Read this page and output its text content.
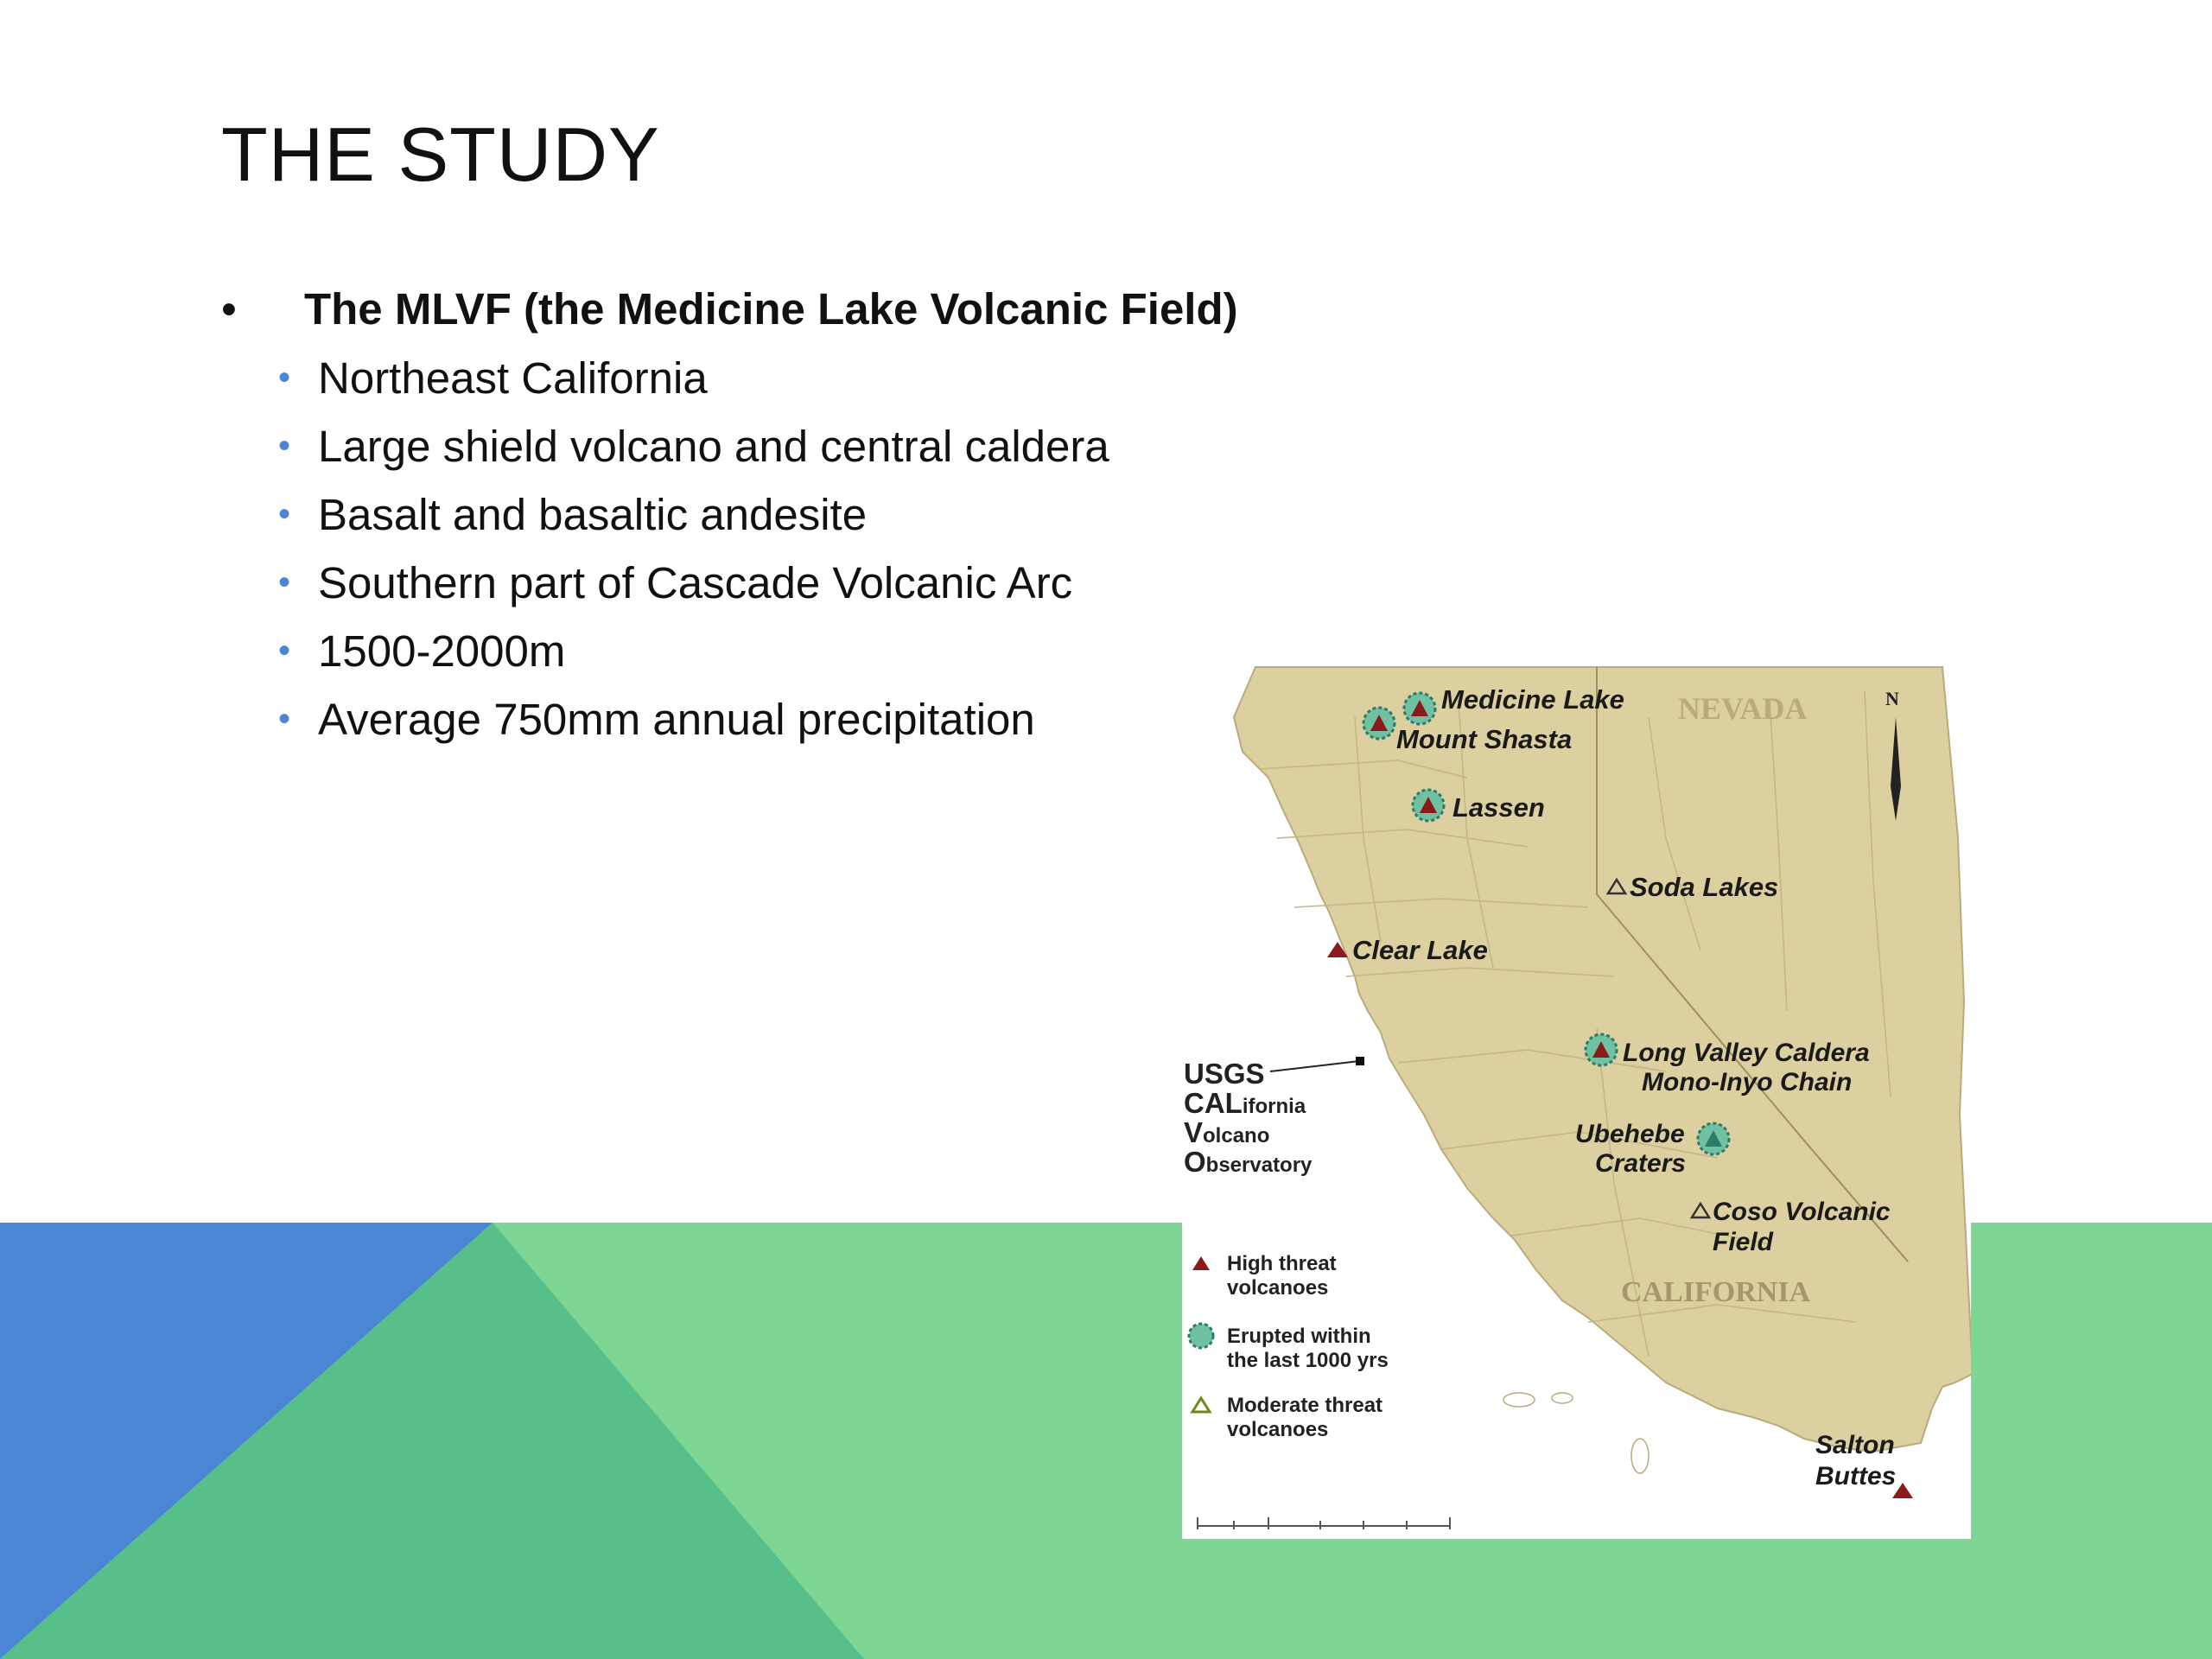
THE STUDY
• The MLVF (the Medicine Lake Volcanic Field)
• Northeast California
• Large shield volcano and central caldera
• Basalt and basaltic andesite
• Southern part of Cascade Volcanic Arc
• 1500-2000m
• Average 750mm annual precipitation	NEVADA
CALIFORNIA
N
Medicine Lake
Mount Shasta
Lassen
Soda Lakes
Clear Lake
Long Valley Caldera
Mono-Inyo Chain
Ubehebe
Craters
Coso Volcanic
Field
Salton
Buttes
USGS
CALifornia
Volcano
Observatory
High threat
volcanoes
Erupted within
the last 1000 yrs
Moderate threat
volcanoes
